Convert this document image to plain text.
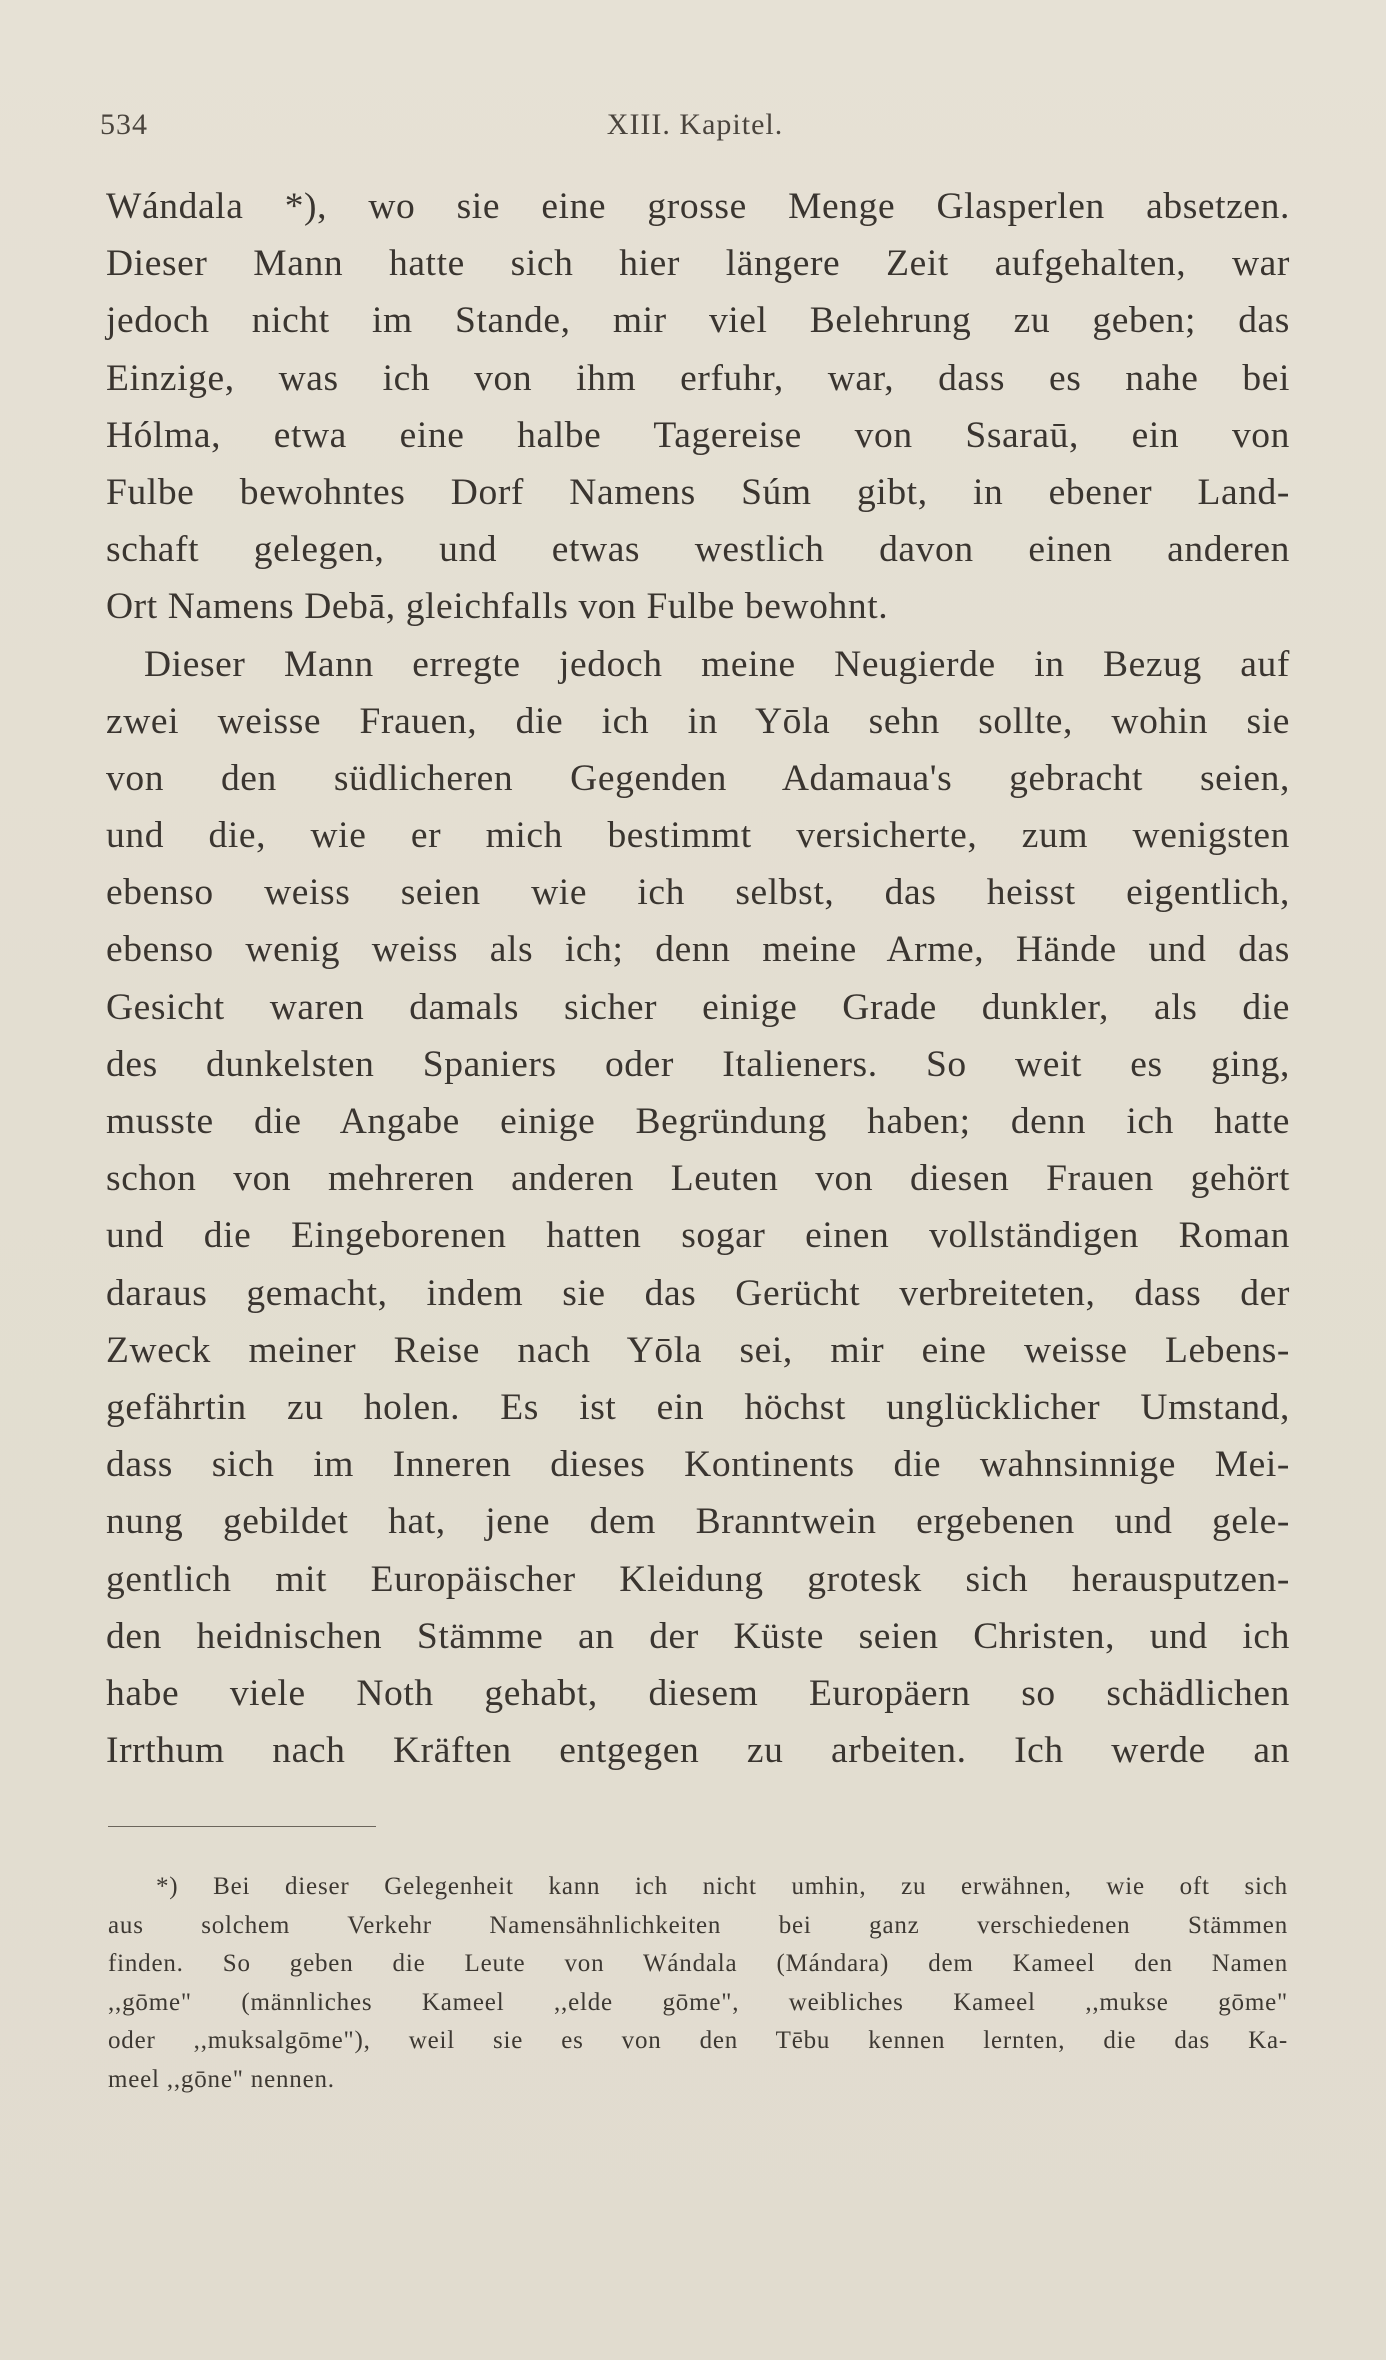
534	XIII. Kapitel.
Wándala *), wo sie eine grosse Menge Glasperlen absetzen.
Dieser Mann hatte sich hier längere Zeit aufgehalten, war
jedoch nicht im Stande, mir viel Belehrung zu geben; das
Einzige, was ich von ihm erfuhr, war, dass es nahe bei
Hólma, etwa eine halbe Tagereise von Ssaraū, ein von
Fulbe bewohntes Dorf Namens Súm gibt, in ebener Land-
schaft gelegen, und etwas westlich davon einen anderen
Ort Namens Debā, gleichfalls von Fulbe bewohnt.
Dieser Mann erregte jedoch meine Neugierde in Bezug auf
zwei weisse Frauen, die ich in Yōla sehn sollte, wohin sie
von den südlicheren Gegenden Adamaua's gebracht seien,
und die, wie er mich bestimmt versicherte, zum wenigsten
ebenso weiss seien wie ich selbst, das heisst eigentlich,
ebenso wenig weiss als ich; denn meine Arme, Hände und das
Gesicht waren damals sicher einige Grade dunkler, als die
des dunkelsten Spaniers oder Italieners. So weit es ging,
musste die Angabe einige Begründung haben; denn ich hatte
schon von mehreren anderen Leuten von diesen Frauen gehört
und die Eingeborenen hatten sogar einen vollständigen Roman
daraus gemacht, indem sie das Gerücht verbreiteten, dass der
Zweck meiner Reise nach Yōla sei, mir eine weisse Lebens-
gefährtin zu holen. Es ist ein höchst unglücklicher Umstand,
dass sich im Inneren dieses Kontinents die wahnsinnige Mei-
nung gebildet hat, jene dem Branntwein ergebenen und gele-
gentlich mit Europäischer Kleidung grotesk sich herausputzen-
den heidnischen Stämme an der Küste seien Christen, und ich
habe viele Noth gehabt, diesem Europäern so schädlichen
Irrthum nach Kräften entgegen zu arbeiten. Ich werde an
*) Bei dieser Gelegenheit kann ich nicht umhin, zu erwähnen, wie oft sich
aus solchem Verkehr Namensähnlichkeiten bei ganz verschiedenen Stämmen
finden. So geben die Leute von Wándala (Mándara) dem Kameel den Namen
,,gōme" (männliches Kameel ,,elde gōme", weibliches Kameel ,,mukse gōme"
oder ,,muksalgōme"), weil sie es von den Tēbu kennen lernten, die das Ka-
meel ,,gōne" nennen.
